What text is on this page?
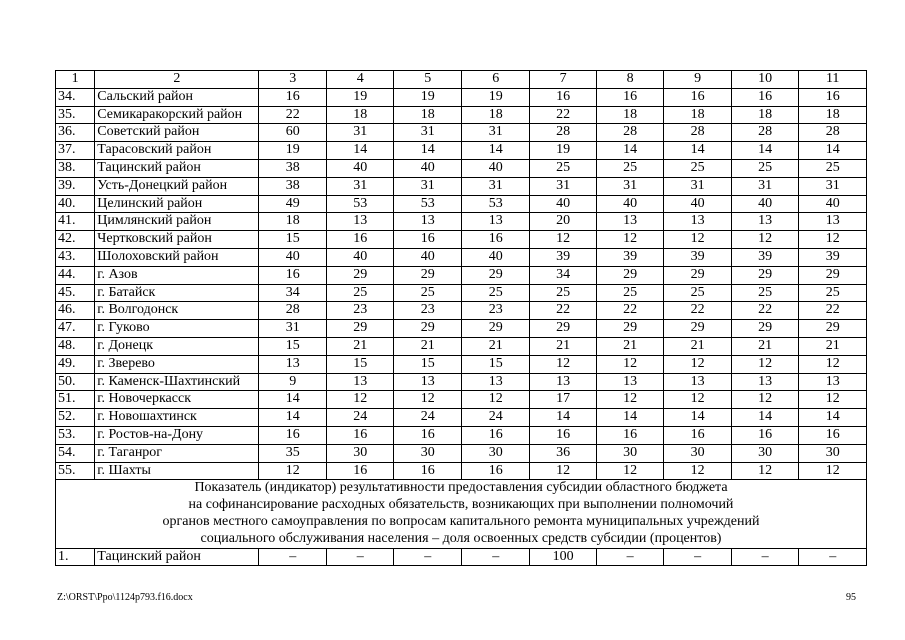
1	2	3	4	5	6	7	8	9	10	11
34.	Сальский район	16	19	19	19	16	16	16	16	16
35.	Семикаракорский район	22	18	18	18	22	18	18	18	18
36.	Советский район	60	31	31	31	28	28	28	28	28
37.	Тарасовский район	19	14	14	14	19	14	14	14	14
38.	Тацинский район	38	40	40	40	25	25	25	25	25
39.	Усть-Донецкий район	38	31	31	31	31	31	31	31	31
40.	Целинский район	49	53	53	53	40	40	40	40	40
41.	Цимлянский район	18	13	13	13	20	13	13	13	13
42.	Чертковский район	15	16	16	16	12	12	12	12	12
43.	Шолоховский район	40	40	40	40	39	39	39	39	39
44.	г. Азов	16	29	29	29	34	29	29	29	29
45.	г. Батайск	34	25	25	25	25	25	25	25	25
46.	г. Волгодонск	28	23	23	23	22	22	22	22	22
47.	г. Гуково	31	29	29	29	29	29	29	29	29
48.	г. Донецк	15	21	21	21	21	21	21	21	21
49.	г. Зверево	13	15	15	15	12	12	12	12	12
50.	г. Каменск-Шахтинский	9	13	13	13	13	13	13	13	13
51.	г. Новочеркасск	14	12	12	12	17	12	12	12	12
52.	г. Новошахтинск	14	24	24	24	14	14	14	14	14
53.	г. Ростов-на-Дону	16	16	16	16	16	16	16	16	16
54.	г. Таганрог	35	30	30	30	36	30	30	30	30
55.	г. Шахты	12	16	16	16	12	12	12	12	12

Показатель (индикатор) результативности предоставления субсидии областного бюджета
на софинансирование расходных обязательств, возникающих при выполнении полномочий
органов местного самоуправления по вопросам капитального ремонта муниципальных учреждений
социального обслуживания населения – доля освоенных средств субсидии (процентов)										

1.	Тацинский район	–	–	–	–	100	–	–	–	–
Z:\ORST\Ppo\1124p793.f16.docx	95
